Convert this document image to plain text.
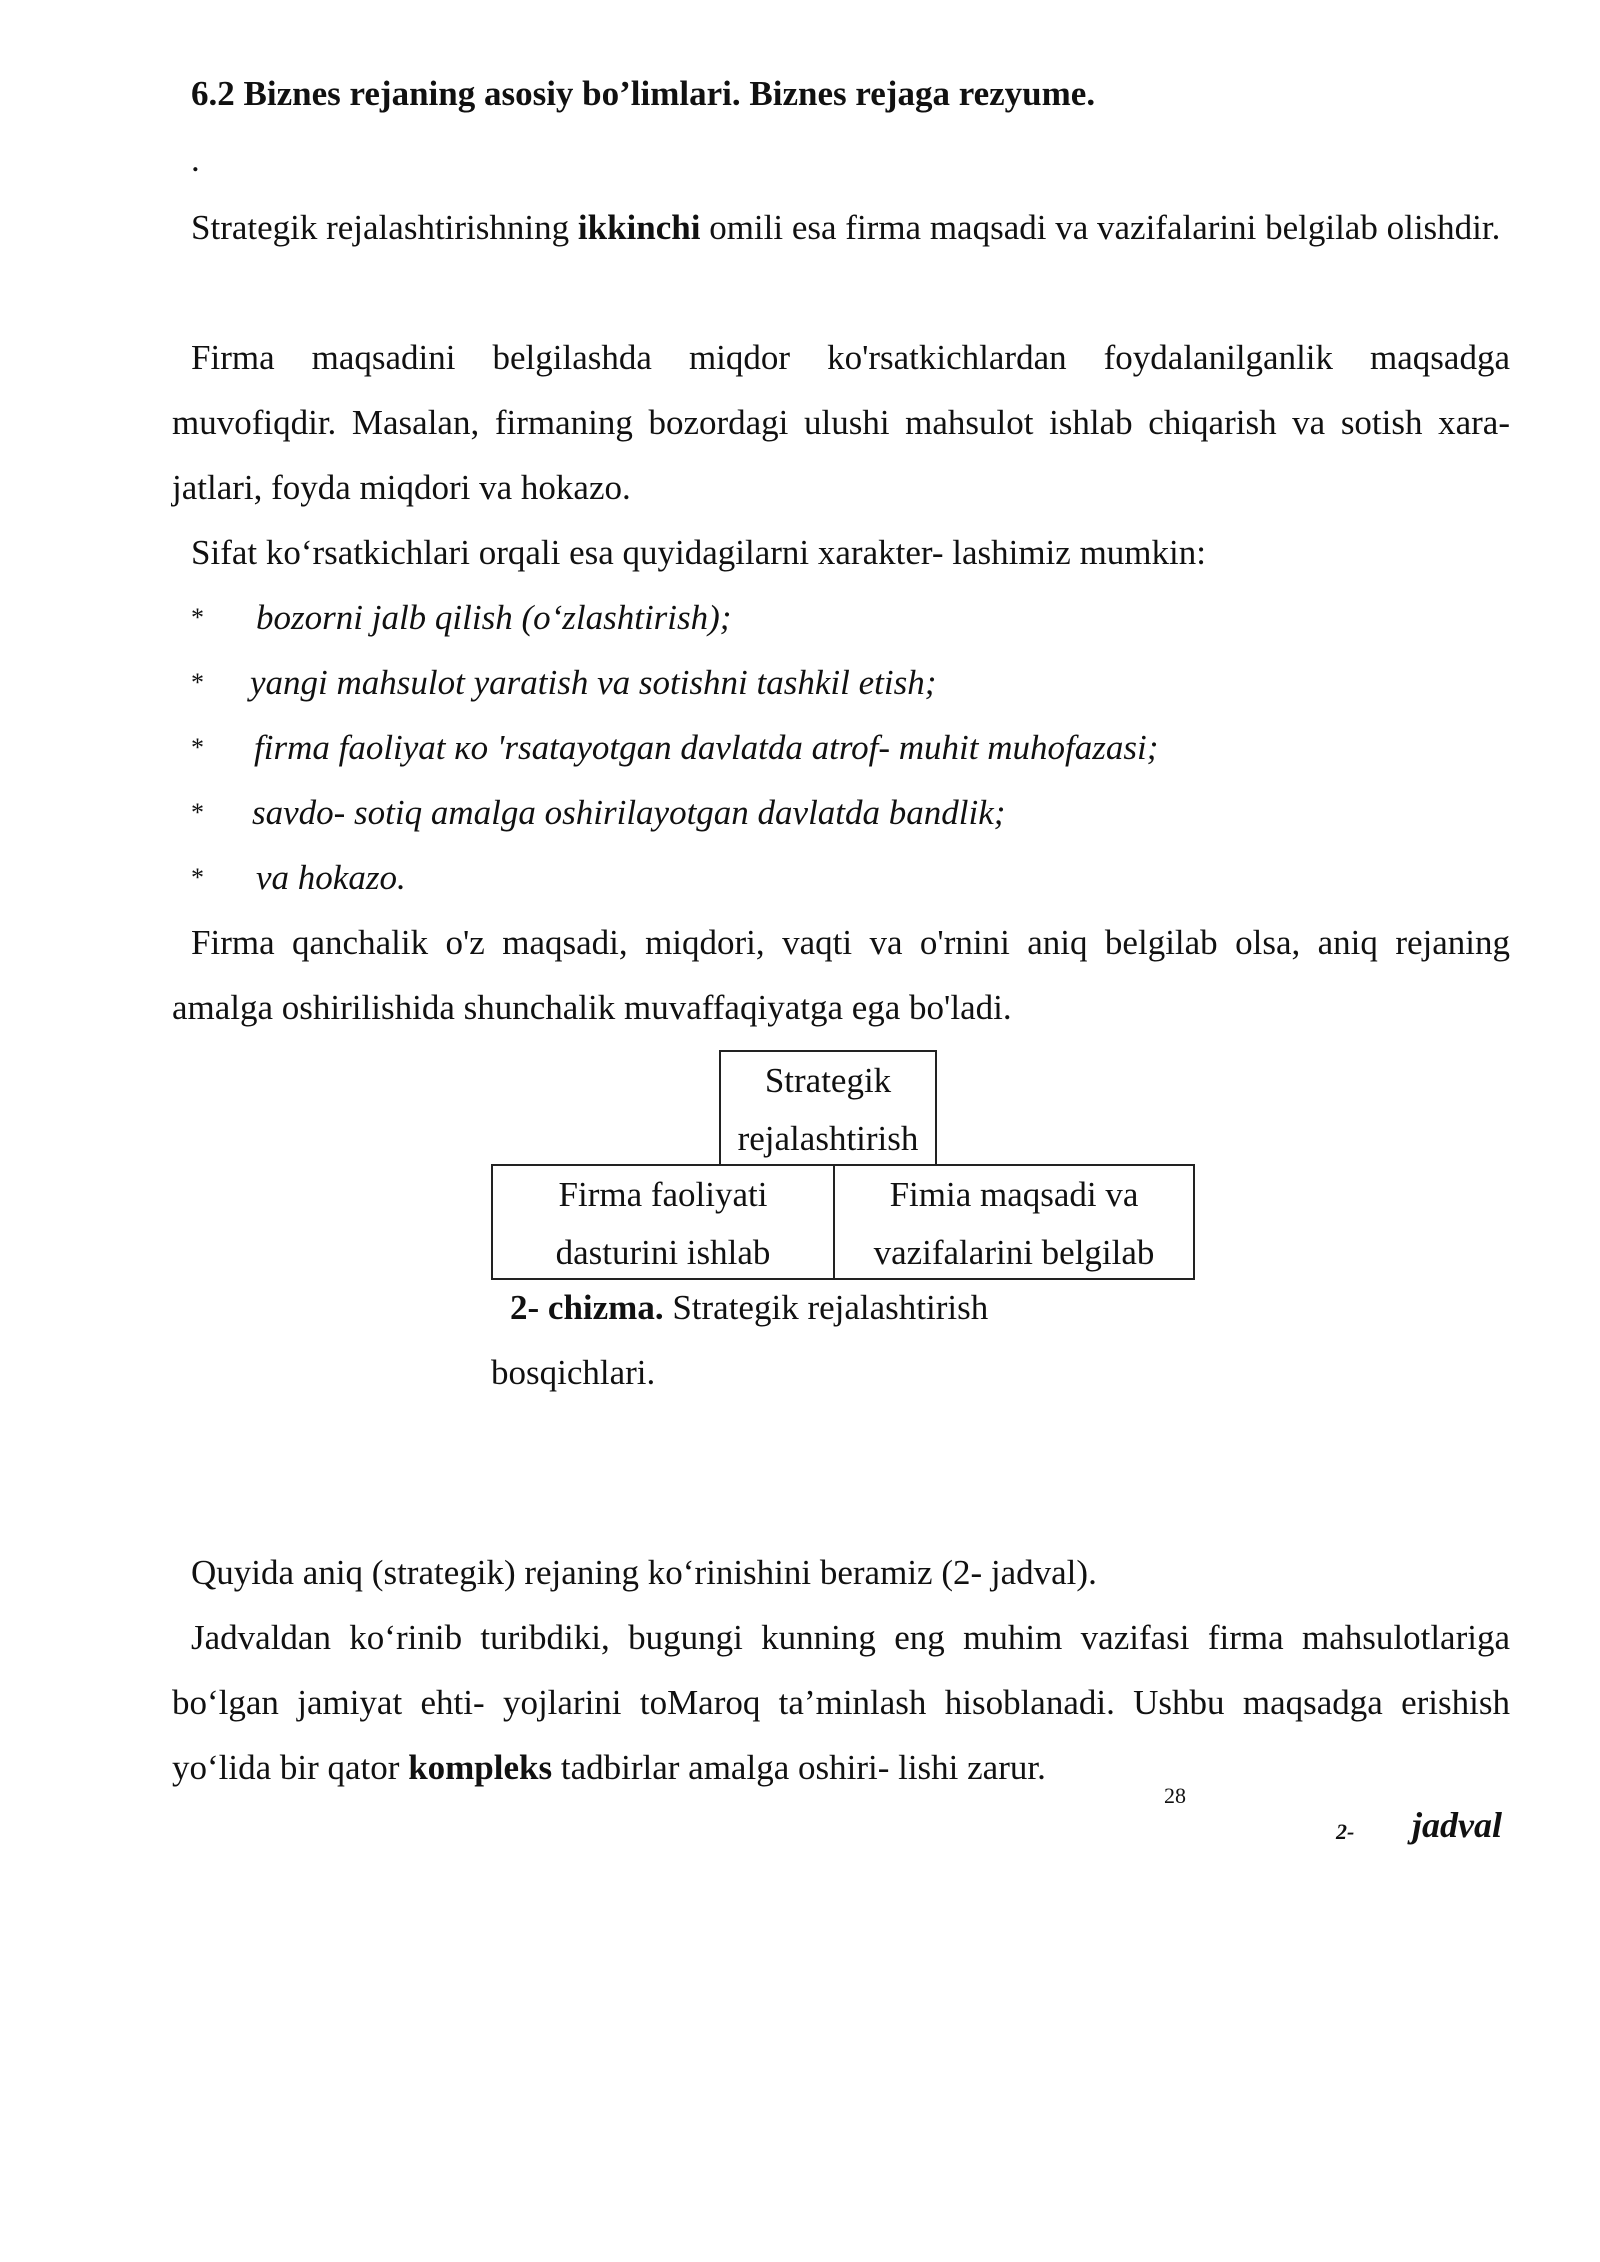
6.2 Biznes rejaning asosiy bo’limlari. Biznes rejaga rezyume.
.
Strategik rejalashtirishning ikkinchi omili esa firma maqsadi va vazifalarini belgilab olishdir.
Firma maqsadini belgilashda miqdor ko'rsatkichlardan foydalanilganlik maqsadga muvofiqdir. Masalan, firmaning bozordagi ulushi mahsulot ishlab chiqarish va sotish xara- jatlari, foyda miqdori va hokazo.
Sifat ko‘rsatkichlari orqali esa quyidagilarni xarakter- lashimiz mumkin:
* bozorni jalb qilish (o‘zlashtirish);
* yangi mahsulot yaratish va sotishni tashkil etish;
* firma faoliyat кo 'rsatayotgan davlatda atrof- muhit muhofazasi;
* savdo- sotiq amalga oshirilayotgan davlatda bandlik;
* va hokazo.
Firma qanchalik o'z maqsadi, miqdori, vaqti va o'rnini aniq belgilab olsa, aniq rejaning amalga oshirilishida shunchalik muvaffaqiyatga ega bo'ladi.
Strategik
rejalashtirish
Firma faoliyati
dasturini ishlab
Fimia maqsadi va
vazifalarini belgilab
2- chizma. Strategik rejalashtirish
bosqichlari.
Quyida aniq (strategik) rejaning ko‘rinishini beramiz (2- jadval).
Jadvaldan ko‘rinib turibdiki, bugungi kunning eng muhim vazifasi firma mahsulotlariga bo‘lgan jamiyat ehti- yojlarini toMaroq ta’minlash hisoblanadi. Ushbu maqsadga erishish yo‘lida bir qator kompleks tadbirlar amalga oshiri- lishi zarur.
28
2- jadval
